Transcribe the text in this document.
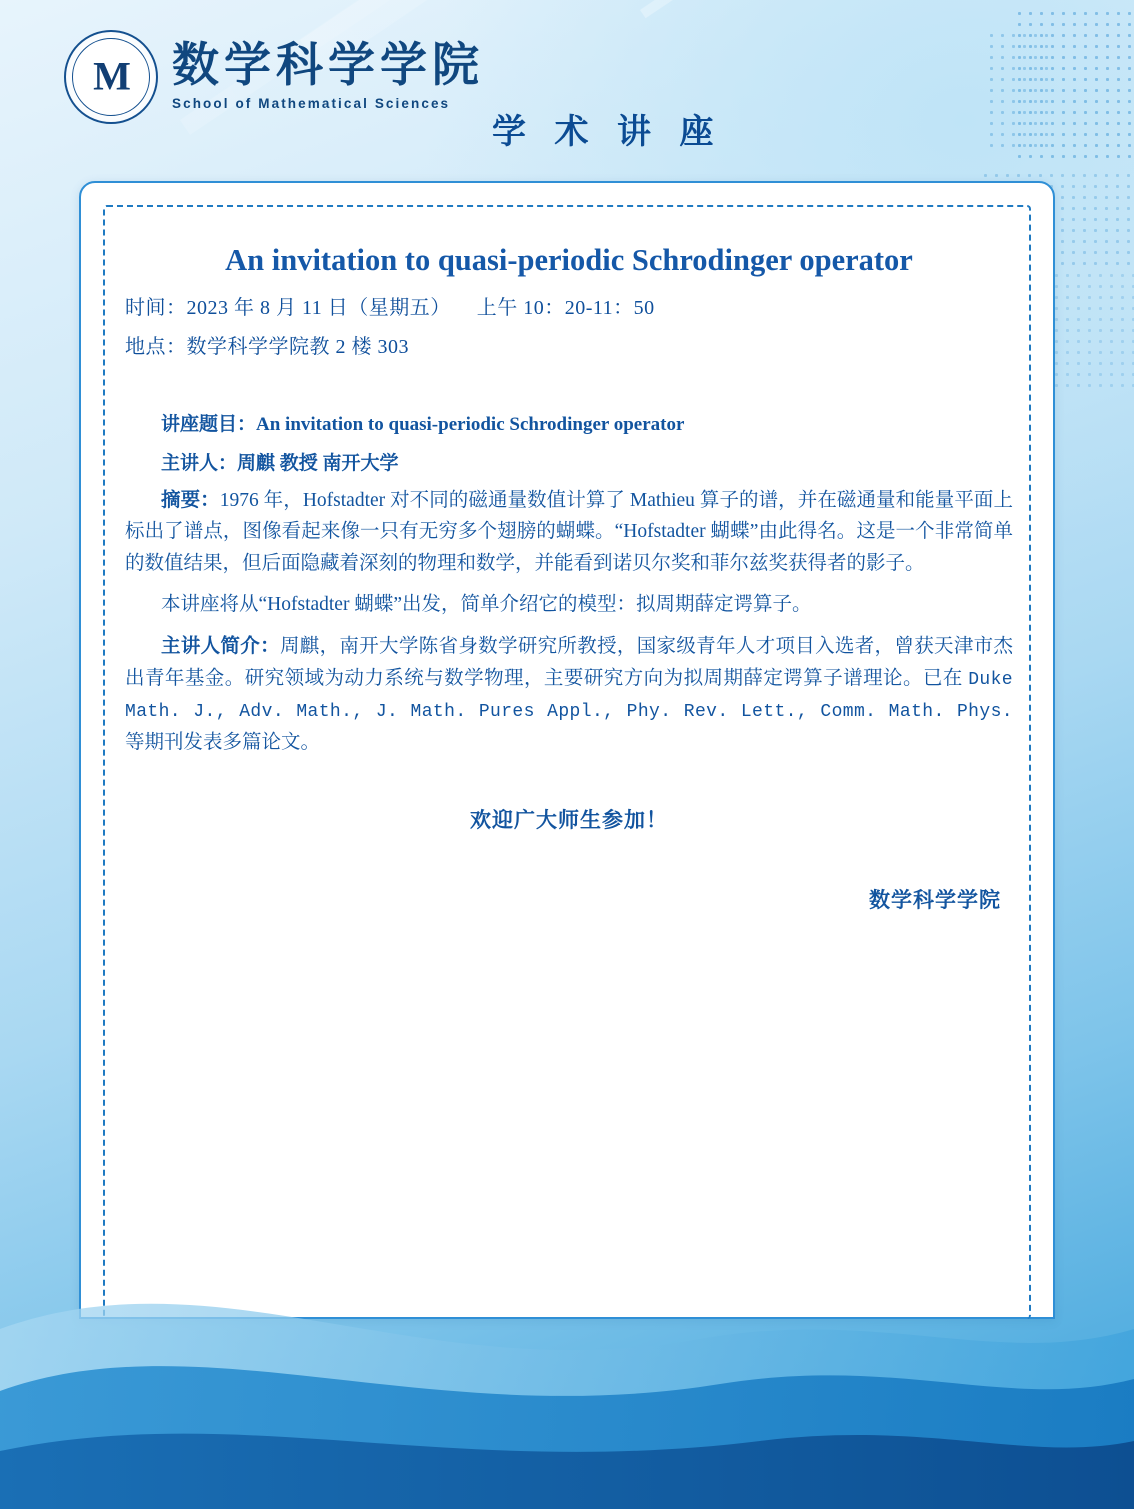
M 数学科学学院
School of Mathematical Sciences
学 术 讲 座
An invitation to quasi-periodic Schrodinger operator
时间：2023 年 8 月 11 日（星期五） 上午 10：20-11：50
地点：数学科学学院教 2 楼 303
讲座题目：An invitation to quasi-periodic Schrodinger operator
主讲人：周麒 教授 南开大学
摘要：1976 年，Hofstadter 对不同的磁通量数值计算了 Mathieu 算子的谱，并在磁通量和能量平面上标出了谱点，图像看起来像一只有无穷多个翅膀的蝴蝶。“Hofstadter 蝴蝶”由此得名。这是一个非常简单的数值结果，但后面隐藏着深刻的物理和数学，并能看到诺贝尔奖和菲尔兹奖获得者的影子。
本讲座将从“Hofstadter 蝴蝶”出发，简单介绍它的模型：拟周期薛定谔算子。
主讲人简介：周麒，南开大学陈省身数学研究所教授，国家级青年人才项目入选者，曾获天津市杰出青年基金。研究领域为动力系统与数学物理，主要研究方向为拟周期薛定谔算子谱理论。已在 Duke Math. J., Adv. Math., J. Math. Pures Appl., Phy. Rev. Lett., Comm. Math. Phys. 等期刊发表多篇论文。
欢迎广大师生参加！
数学科学学院
